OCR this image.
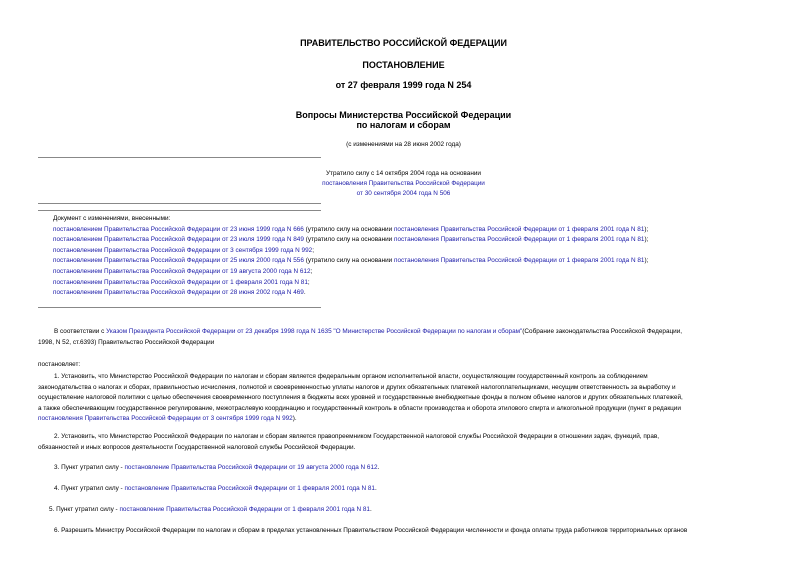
ПРАВИТЕЛЬСТВО РОССИЙСКОЙ ФЕДЕРАЦИИ
ПОСТАНОВЛЕНИЕ
от 27 февраля 1999 года N 254
Вопросы Министерства Российской Федерации
по налогам и сборам
(с изменениями на 28 июня 2002 года)
Утратило силу с 14 октября 2004 года на основании
постановления Правительства Российской Федерации
от 30 сентября 2004 года N 506
Документ с изменениями, внесенными:
постановлением Правительства Российской Федерации от 23 июня 1999 года N 666 (утратило силу на основании постановления Правительства Российской Федерации от 1 февраля 2001 года N 81);
постановлением Правительства Российской Федерации от 23 июля 1999 года N 849 (утратило силу на основании постановления Правительства Российской Федерации от 1 февраля 2001 года N 81);
постановлением Правительства Российской Федерации от 3 сентября 1999 года N 992;
постановлением Правительства Российской Федерации от 25 июля 2000 года N 556 (утратило силу на основании постановления Правительства Российской Федерации от 1 февраля 2001 года N 81);
постановлением Правительства Российской Федерации от 19 августа 2000 года N 612;
постановлением Правительства Российской Федерации от 1 февраля 2001 года N 81;
постановлением Правительства Российской Федерации от 28 июня 2002 года N 469.
В соответствии с Указом Президента Российской Федерации от 23 декабря 1998 года N 1635 "О Министерстве Российской Федерации по налогам и сборам"(Собрание законодательства Российской Федерации,
1998, N 52, ст.6393) Правительство Российской Федерации
постановляет:
1. Установить, что Министерство Российской Федерации по налогам и сборам является федеральным органом исполнительной власти, осуществляющим государственный контроль за соблюдением
законодательства о налогах и сборах, правильностью исчисления, полнотой и своевременностью уплаты налогов и других обязательных платежей налогоплательщиками, несущим ответственность за выработку и
осуществление налоговой политики с целью обеспечения своевременного поступления в бюджеты всех уровней и государственные внебюджетные фонды в полном объеме налогов и других обязательных платежей,
а также обеспечивающим государственное регулирование, межотраслевую координацию и государственный контроль в области производства и оборота этилового спирта и алкогольной продукции (пункт в редакции
постановления Правительства Российской Федерации от 3 сентября 1999 года N 992).
2. Установить, что Министерство Российской Федерации по налогам и сборам является правопреемником Государственной налоговой службы Российской Федерации в отношении задач, функций, прав,
обязанностей и иных вопросов деятельности Государственной налоговой службы Российской Федерации.
3. Пункт утратил силу - постановление Правительства Российской Федерации от 19 августа 2000 года N 612.
4. Пункт утратил силу - постановление Правительства Российской Федерации от 1 февраля 2001 года N 81.
5. Пункт утратил силу - постановление Правительства Российской Федерации от 1 февраля 2001 года N 81.
6. Разрешить Министру Российской Федерации по налогам и сборам в пределах установленных Правительством Российской Федерации численности и фонда оплаты труда работников территориальных органов
